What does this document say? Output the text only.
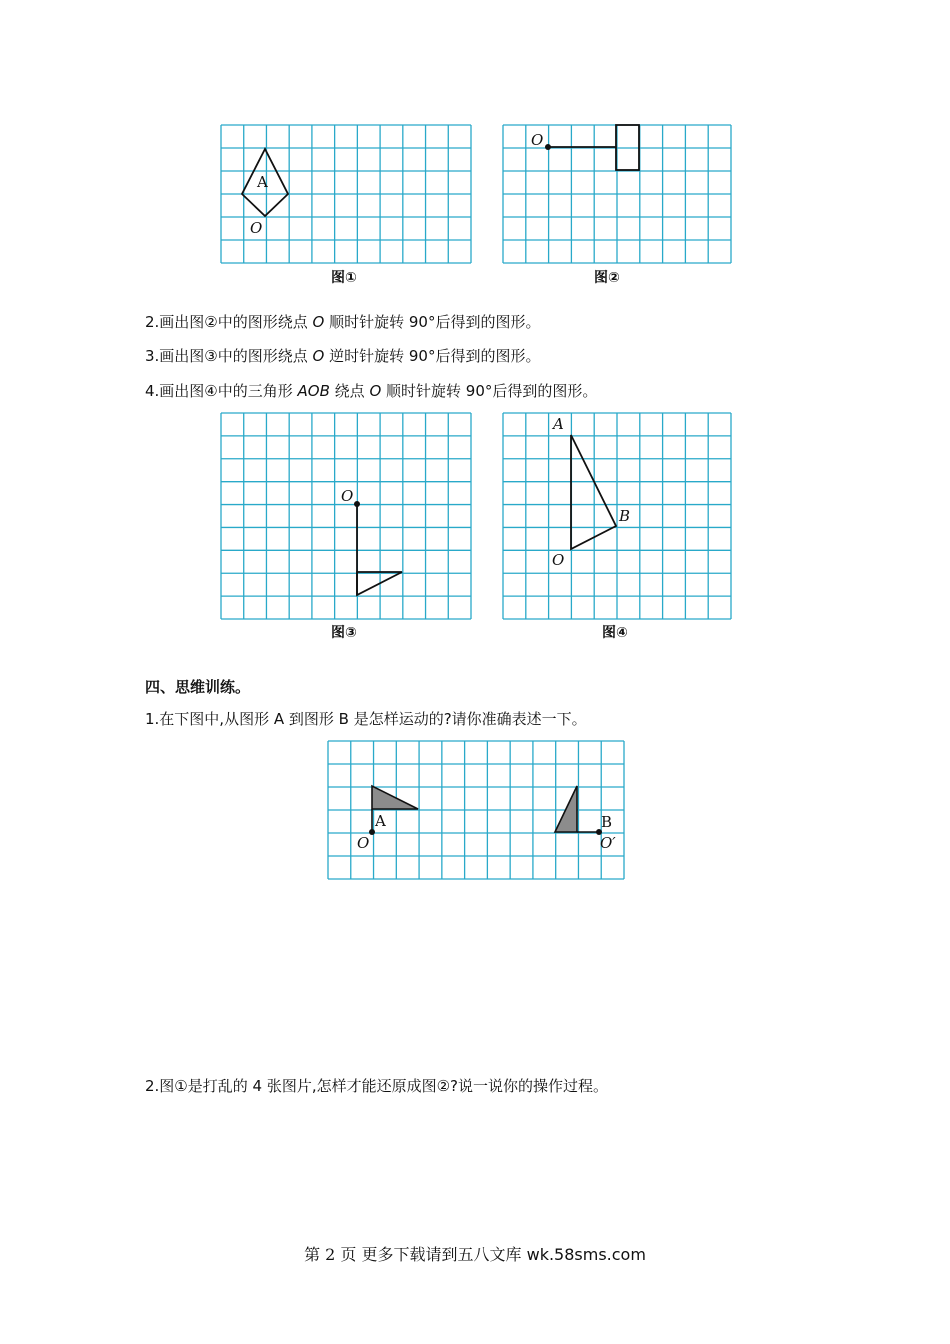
A
O
图①
O
图②
2.画出图②中的图形绕点 O 顺时针旋转 90°后得到的图形。
3.画出图③中的图形绕点 O 逆时针旋转 90°后得到的图形。
4.画出图④中的三角形 AOB 绕点 O 顺时针旋转 90°后得到的图形。
O
图③
A
B
O
图④
四、思维训练。
1.在下图中,从图形 A 到图形 B 是怎样运动的?请你准确表述一下。
A
O
B
O′
2.图①是打乱的 4 张图片,怎样才能还原成图②?说一说你的操作过程。
第 2 页 更多下载请到五八文库 wk.58sms.com
